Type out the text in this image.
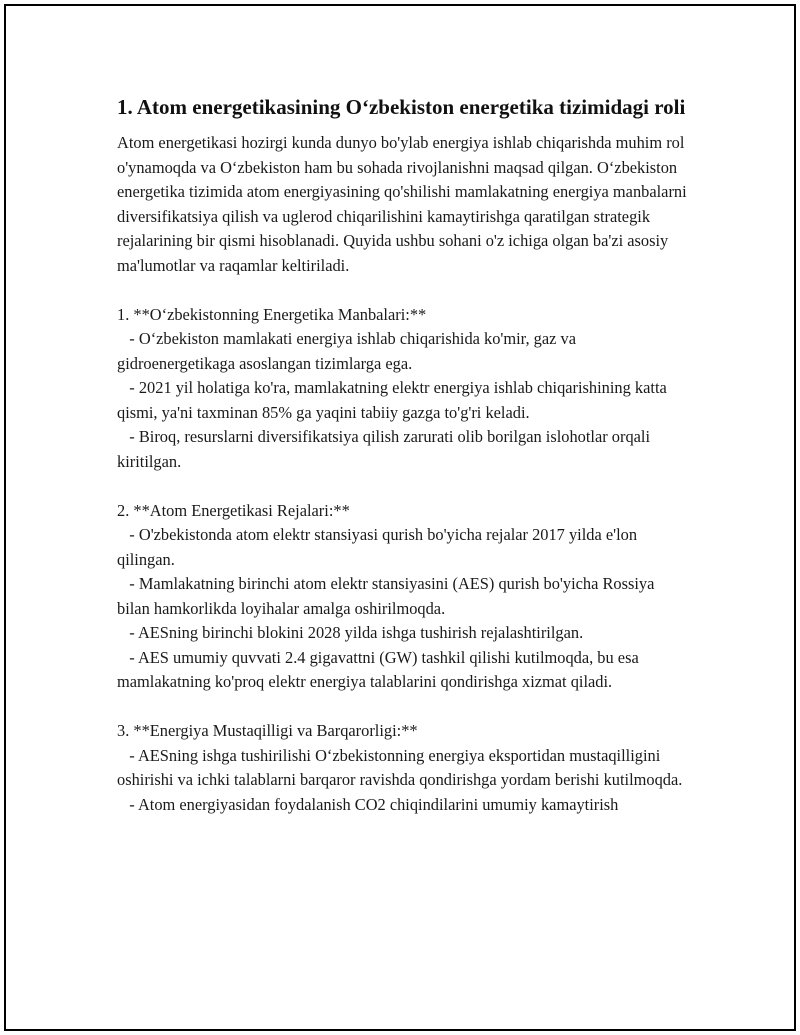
1. Atom energetikasining O‘zbekiston energetika tizimidagi roli

Atom energetikasi hozirgi kunda dunyo bo'ylab energiya ishlab chiqarishda muhim rol o'ynamoqda va O‘zbekiston ham bu sohada rivojlanishni maqsad qilgan. O‘zbekiston energetika tizimida atom energiyasining qo'shilishi mamlakatning energiya manbalarni diversifikatsiya qilish va uglerod chiqarilishini kamaytirishga qaratilgan strategik rejalarining bir qismi hisoblanadi. Quyida ushbu sohani o'z ichiga olgan ba'zi asosiy ma'lumotlar va raqamlar keltiriladi.

1. **O‘zbekistonning Energetika Manbalari:**

- O‘zbekiston mamlakati energiya ishlab chiqarishida ko'mir, gaz va gidroenergetikaga asoslangan tizimlarga ega.

- 2021 yil holatiga ko'ra, mamlakatning elektr energiya ishlab chiqarishining katta qismi, ya'ni taxminan 85% ga yaqini tabiiy gazga to'g'ri keladi.

- Biroq, resurslarni diversifikatsiya qilish zarurati olib borilgan islohotlar orqali kiritilgan.

2. **Atom Energetikasi Rejalari:**

- O'zbekistonda atom elektr stansiyasi qurish bo'yicha rejalar 2017 yilda e'lon qilingan.

- Mamlakatning birinchi atom elektr stansiyasini (AES) qurish bo'yicha Rossiya bilan hamkorlikda loyihalar amalga oshirilmoqda.

- AESning birinchi blokini 2028 yilda ishga tushirish rejalashtirilgan.

- AES umumiy quvvati 2.4 gigavattni (GW) tashkil qilishi kutilmoqda, bu esa mamlakatning ko'proq elektr energiya talablarini qondirishga xizmat qiladi.

3. **Energiya Mustaqilligi va Barqarorligi:**

- AESning ishga tushirilishi O‘zbekistonning energiya eksportidan mustaqilligini oshirishi va ichki talablarni barqaror ravishda qondirishga yordam berishi kutilmoqda.

- Atom energiyasidan foydalanish CO2 chiqindilarini umumiy kamaytirish
